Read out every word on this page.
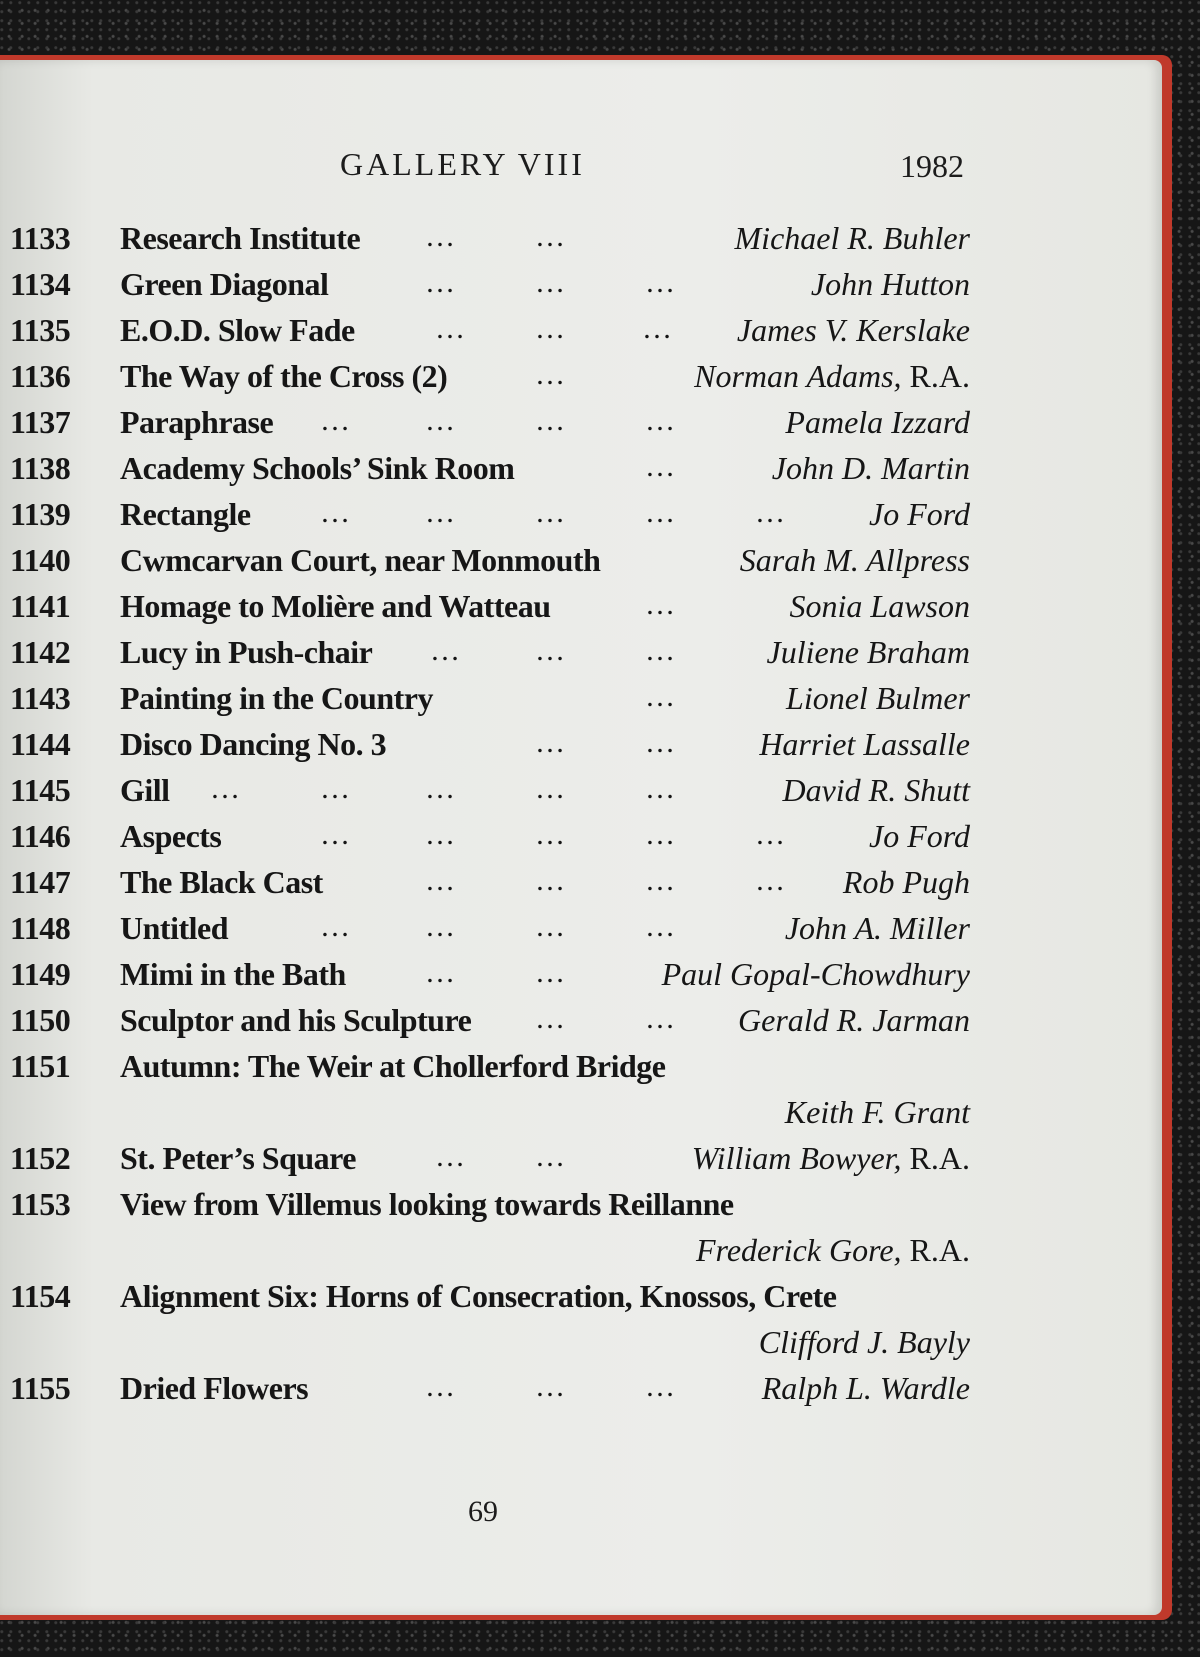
GALLERY VIII	1982
1133 Research Institute …	…	Michael R. Buhler
1134 Green Diagonal	…	…	…	John Hutton
1135 E.O.D. Slow Fade	… …	… James V. Kerslake
1136 The Way of the Cross (2)	…	Norman Adams, R.A.
1137 Paraphrase … …	…	…	Pamela Izzard
1138 Academy Schools’ Sink Room	…	John D. Martin
1139 Rectangle … …	…	…	…	Jo Ford
1140 Cwmcarvan Court, near Monmouth	Sarah M. Allpress
1141 Homage to Molière and Watteau	…	Sonia Lawson
1142 Lucy in Push-chair … …	…	Juliene Braham
1143 Painting in the Country	…	Lionel Bulmer
1144 Disco Dancing No. 3	…	…	Harriet Lassalle
1145 Gill …	… …	…	…	David R. Shutt
1146 Aspects	… …	…	…	…	Jo Ford
1147 The Black Cast	…	…	…	… Rob Pugh
1148 Untitled	… …	…	…	John A. Miller
1149 Mimi in the Bath	…	…	Paul Gopal-Chowdhury
1150 Sculptor and his Sculpture …	… Gerald R. Jarman
1151 Autumn: The Weir at Chollerford Bridge
Keith F. Grant
1152 St. Peter’s Square	… …	William Bowyer, R.A.
1153 View from Villemus looking towards Reillanne
Frederick Gore, R.A.
1154 Alignment Six: Horns of Consecration, Knossos, Crete
Clifford J. Bayly
1155 Dried Flowers	…	…	…	Ralph L. Wardle
69
